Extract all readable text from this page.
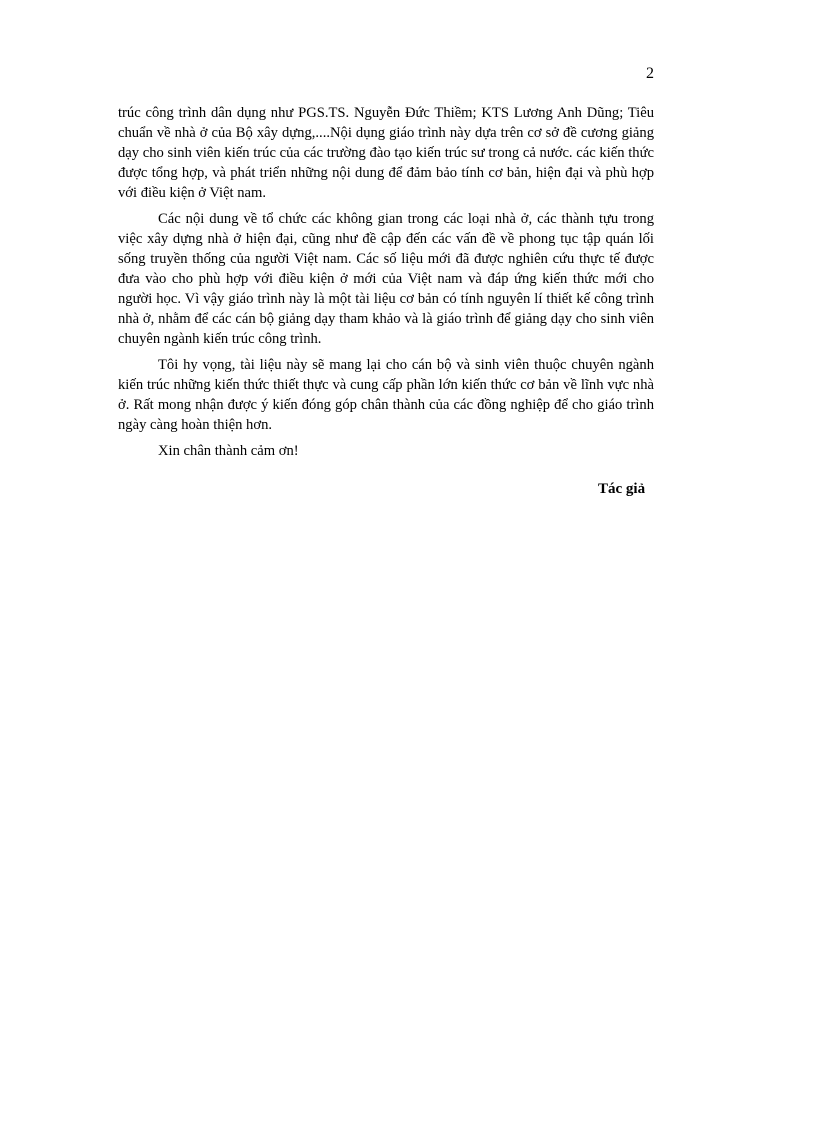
2

trúc công trình dân dụng như PGS.TS. Nguyễn Đức Thiềm; KTS Lương Anh Dũng; Tiêu chuẩn về nhà ở của Bộ xây dựng,....Nội dụng giáo trình này dựa trên cơ sở đề cương giảng dạy cho sinh viên kiến trúc của các trường đào tạo kiến trúc sư trong cả nước. các kiến thức được tổng hợp, và phát triển những nội dung để đảm bảo tính cơ bản, hiện đại và phù hợp với điều kiện ở Việt nam.

Các nội dung về tổ chức các không gian trong các loại nhà ở, các thành tựu trong việc xây dựng nhà ở hiện đại, cũng như đề cập đến các vấn đề về phong tục tập quán lối sống truyền thống của người Việt nam. Các số liệu mới đã được nghiên cứu thực tế được đưa vào cho phù hợp với điều kiện ở mới của Việt nam và đáp ứng kiến thức mới cho người học. Vì vậy giáo trình này là một tài liệu cơ bản có tính nguyên lí thiết kế công trình nhà ở, nhằm để các cán bộ giảng dạy tham khảo và là giáo trình để giảng dạy cho sinh viên chuyên ngành kiến trúc công trình.

Tôi hy vọng, tài liệu này sẽ mang lại cho cán bộ và sinh viên thuộc chuyên ngành kiến trúc những kiến thức thiết thực và cung cấp phần lớn kiến thức cơ bản về lĩnh vực nhà ở. Rất mong nhận được ý kiến đóng góp chân thành của các đồng nghiệp để cho giáo trình ngày càng hoàn thiện hơn.

Xin chân thành cảm ơn!

Tác giả
